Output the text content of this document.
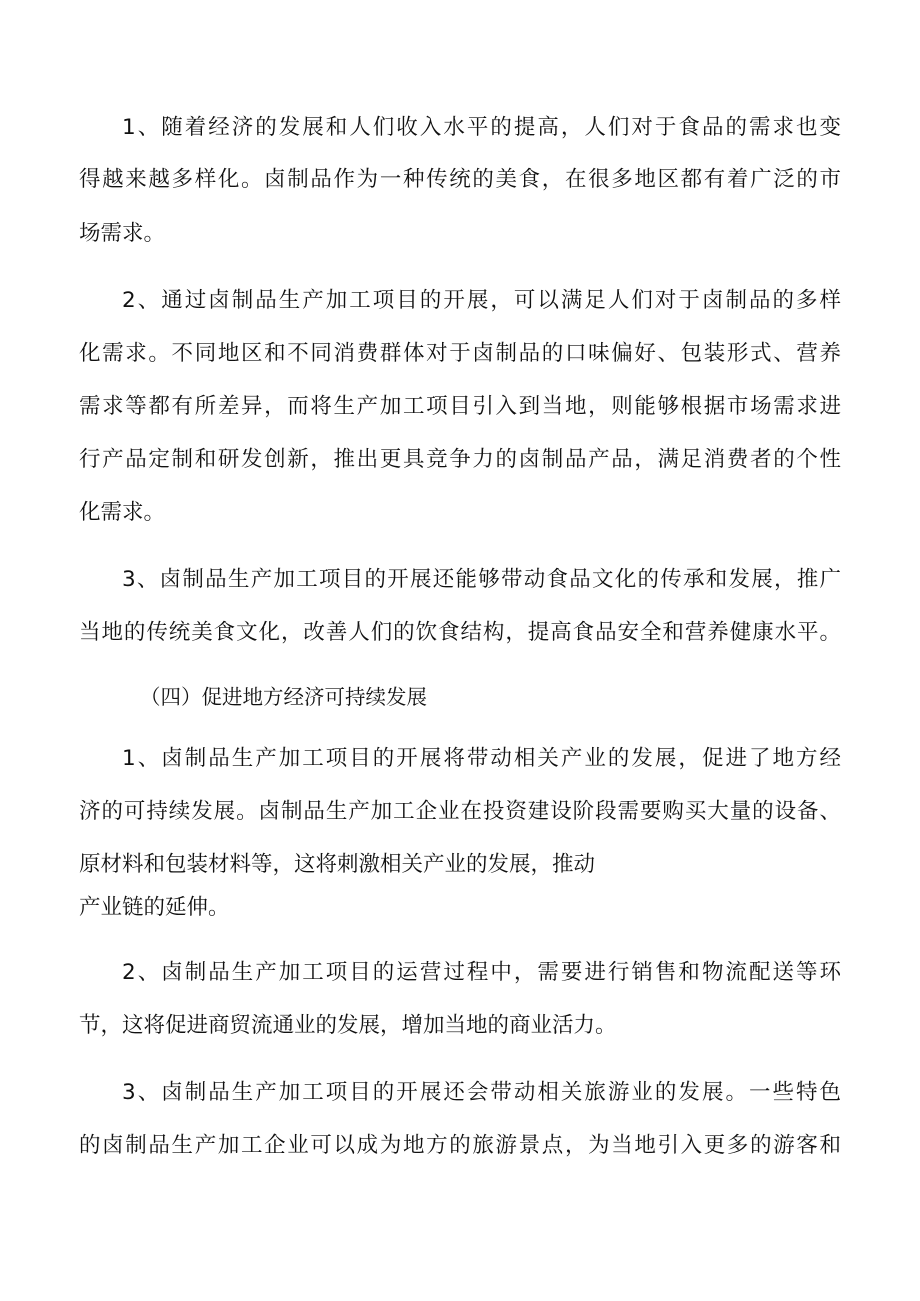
1、随着经济的发展和人们收入水平的提高，人们对于食品的需求也变
得越来越多样化。卤制品作为一种传统的美食，在很多地区都有着广泛的市
场需求。
2、通过卤制品生产加工项目的开展，可以满足人们对于卤制品的多样
化需求。不同地区和不同消费群体对于卤制品的口味偏好、包装形式、营养
需求等都有所差异，而将生产加工项目引入到当地，则能够根据市场需求进
行产品定制和研发创新，推出更具竞争力的卤制品产品，满足消费者的个性
化需求。
3、卤制品生产加工项目的开展还能够带动食品文化的传承和发展，推广
当地的传统美食文化，改善人们的饮食结构，提高食品安全和营养健康水平。
（四）促进地方经济可持续发展
1、卤制品生产加工项目的开展将带动相关产业的发展，促进了地方经
济的可持续发展。卤制品生产加工企业在投资建设阶段需要购买大量的设备、
原材料和包装材料等，这将刺激相关产业的发展，推动
产业链的延伸。
2、卤制品生产加工项目的运营过程中，需要进行销售和物流配送等环
节，这将促进商贸流通业的发展，增加当地的商业活力。
3、卤制品生产加工项目的开展还会带动相关旅游业的发展。一些特色
的卤制品生产加工企业可以成为地方的旅游景点，为当地引入更多的游客和
